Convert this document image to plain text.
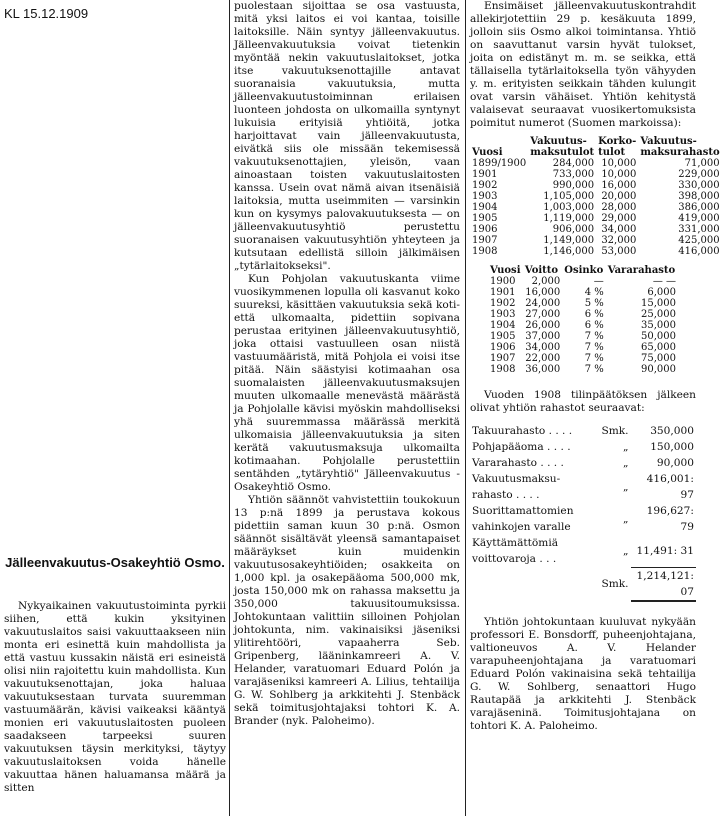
KL 15.12.1909
Jälleenvakuutus-Osakeyhtiö Osmo.

Nykyaikainen vakuutustoiminta pyrkii siihen, että kukin yksityinen vakuutuslaitos saisi vakuuttaakseen niin monta eri esinettä kuin mahdollista ja että vastuu kussakin näistä eri esineistä olisi niin rajoitettu kuin mahdollista. Kun vakuutuksenottajan, joka haluaa vakuutuksestaan turvata suuremman vastuumäärän, kävisi vaikeaksi kääntyä monien eri vakuutuslaitosten puoleen saadakseen tarpeeksi suuren vakuutuksen täysin merkityksi, täytyy vakuutuslaitoksen voida hänelle vakuuttaa hänen haluamansa määrä ja sitten

puolestaan sijoittaa se osa vastuusta, mitä yksi laitos ei voi kantaa, toisille laitoksille. Näin syntyy jälleenvakuutus. Jälleenvakuutuksia voivat tietenkin myöntää nekin vakuutuslaitokset, jotka itse vakuutuksenottajille antavat suoranaisia vakuutuksia, mutta jälleenvakuutustoiminnan erilaisen luonteen johdosta on ulkomailla syntynyt lukuisia erityisiä yhtiöitä, jotka harjoittavat vain jälleenvakuutusta, eivätkä siis ole missään tekemisessä vakuutuksenottajien, yleisön, vaan ainoastaan toisten vakuutuslaitosten kanssa. Usein ovat nämä aivan itsenäisiä laitoksia, mutta useimmiten — varsinkin kun on kysymys palovakuutuksesta — on jälleenvakuutusyhtiö perustettu suoranaisen vakuutusyhtiön yhteyteen ja kutsutaan edellistä silloin jälkimäisen „tytärlaitokseksi".

Kun Pohjolan vakuutuskanta viime vuosikymmenen lopulla oli kasvanut koko suureksi, käsittäen vakuutuksia sekä koti- että ulkomaalta, pidettiin sopivana perustaa erityinen jälleenvakuutusyhtiö, joka ottaisi vastuulleen osan niistä vastuumääristä, mitä Pohjola ei voisi itse pitää. Näin säästyisi kotimaahan osa suomalaisten jälleenvakuutusmaksujen muuten ulkomaalle menevästä määrästä ja Pohjolalle kävisi myöskin mahdolliseksi yhä suuremmassa määrässä merkitä ulkomaisia jälleenvakuutuksia ja siten kerätä vakuutusmaksuja ulkomailta kotimaahan. Pohjolalle perustettiin sentähden „tytäryhtiö" Jälleenvakuutus - Osakeyhtiö Osmo.

Yhtiön säännöt vahvistettiin toukokuun 13 p:nä 1899 ja perustava kokous pidettiin saman kuun 30 p:nä. Osmon säännöt sisältävät yleensä samantapaiset määräykset kuin muidenkin vakuutusosakeyhtiöiden; osakkeita on 1,000 kpl. ja osakepääoma 500,000 mk, josta 150,000 mk on rahassa maksettu ja 350,000 takuusitoumuksissa. Johtokuntaan valittiin silloinen Pohjolan johtokunta, nim. vakinaisiksi jäseniksi ylitirehtööri, vapaaherra Seb. Gripenberg, lääninkamreeri A. V. Helander, varatuomari Eduard Polón ja varajäseniksi kamreeri A. Lilius, tehtailija G. W. Sohlberg ja arkkitehti J. Stenbäck sekä toimitusjohtajaksi tohtori K. A. Brander (nyk. Paloheimo).

Ensimäiset jälleenvakuutuskontrahdit allekirjotettiin 29 p. kesäkuuta 1899, jolloin siis Osmo alkoi toimintansa. Yhtiö on saavuttanut varsin hyvät tulokset, joita on edistänyt m. m. se seikka, että tällaisella tytärlaitoksella työn vähyyden y. m. erityisten seikkain tähden kulungit ovat varsin vähäiset. Yhtiön kehitystä valaisevat seuraavat vuosikertomuksista poimitut numerot (Suomen markoissa):

Vuosi	Vakuutus-maksutulot	Korko-tulot	Vakuutus-maksurahasto
1899/1900	284,000	10,000	71,000
1901	733,000	10,000	229,000
1902	990,000	16,000	330,000
1903	1,105,000	20,000	398,000
1904	1,003,000	28,000	386,000
1905	1,119,000	29,000	419,000
1906	906,000	34,000	331,000
1907	1,149,000	32,000	425,000
1908	1,146,000	53,000	416,000
Vuosi	Voitto	Osinko	Vararahasto
1900	2,000	—	— —
1901	16,000	4 %	6,000
1902	24,000	5 %	15,000
1903	27,000	6 %	25,000
1904	26,000	6 %	35,000
1905	37,000	7 %	50,000
1906	34,000	7 %	65,000
1907	22,000	7 %	75,000
1908	36,000	7 %	90,000

Vuoden 1908 tilinpäätöksen jälkeen olivat yhtiön rahastot seuraavat:

Takuurahasto . . . .	Smk.	350,000
Pohjapääoma . . . .	„	150,000
Vararahasto . . . .	„	90,000
Vakuutusmaksu-rahasto . . . .	„	416,001: 97
Suorittamattomien vahinkojen varalle	„	196,627: 79
Käyttämättömiä voittovaroja . . .	„	11,491: 31
	Smk.	1,214,121: 07

Yhtiön johtokuntaan kuuluvat nykyään professori E. Bonsdorff, puheenjohtajana, valtioneuvos A. V. Helander varapuheenjohtajana ja varatuomari Eduard Polón vakinaisina sekä tehtailija G. W. Sohlberg, senaattori Hugo Rautapää ja arkkitehti J. Stenbäck varajäseninä. Toimitusjohtajana on tohtori K. A. Paloheimo.
